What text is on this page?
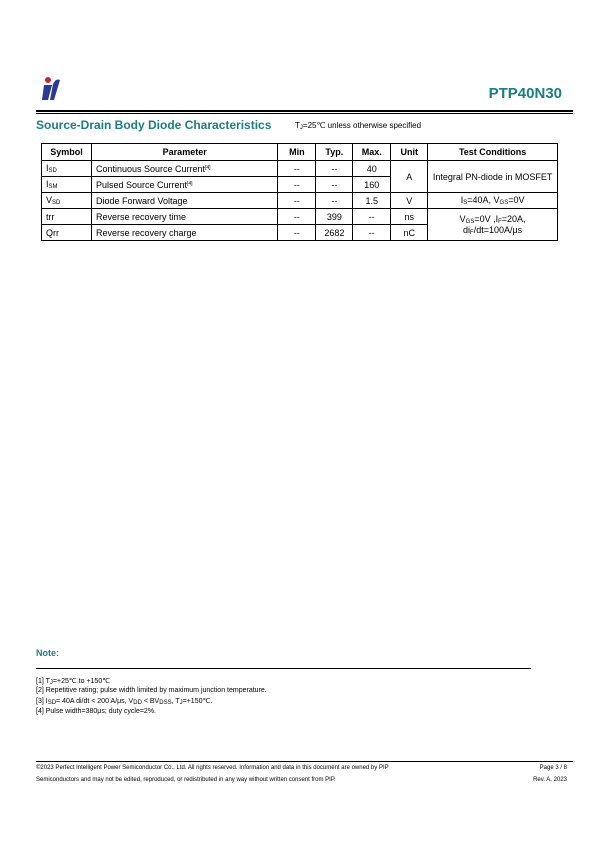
PTP40N30
Source-Drain Body Diode Characteristics	$T_J=25℃$ unless otherwise specified
Symbol	Parameter	Min	Typ.	Max.	Unit	Test Conditions
$I_{SD}$	Continuous Source Current[4]	--	--	40	A	Integral PN-diode in MOSFET
$I_{SM}$	Pulsed Source Current[4]	--	--	160		
$V_{SD}$	Diode Forward Voltage	--	--	1.5	V	$I_S=40A$, $V_{GS}=0V$
trr	Reverse recovery time	--	399	--	ns	$V_{GS}=0V$ $,I_F=20A$,
$di_F/dt=100A/\mu s$
Qrr	Reverse recovery charge	--	2682	--	nC	
Note:
[1] $T_J=+25℃$ to +150℃
[2] Repetitive rating; pulse width limited by maximum junction temperature.
[3] $I_{SD}= 40A$ di/dt < 200 A/μs, $V_{DD} < BV_{DSS}$, $T_J=+150℃$.
[4] Pulse width=380μs; duty cycle=2%.
©2023 Perfect Intelligent Power Semiconductor Co., Ltd. All rights reserved. Information and data in this document are owned by PIP
Semiconductors and may not be edited, reproduced, or redistributed in any way without written consent from PIP.
Page 3 / 8
Rev. A. 2023
